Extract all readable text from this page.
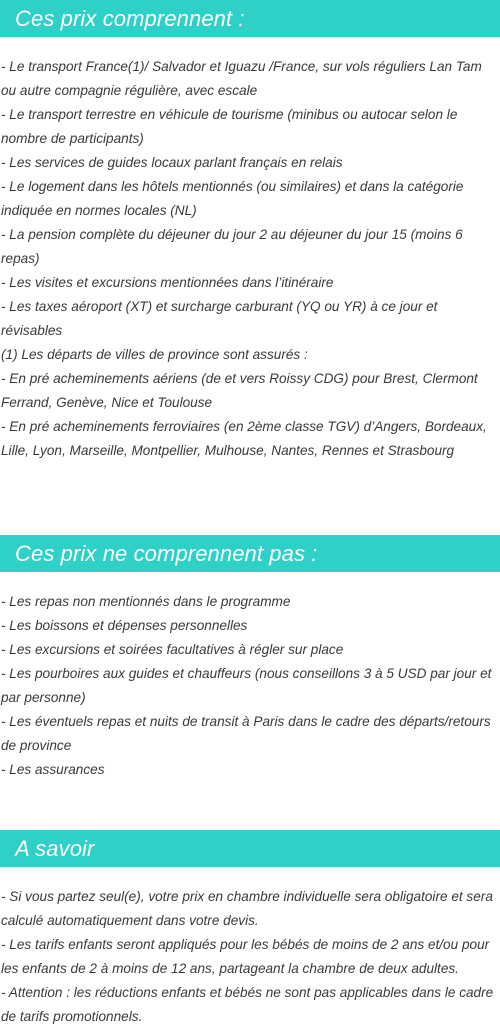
Ces prix comprennent :

- Le transport France(1)/ Salvador et Iguazu /France, sur vols réguliers Lan Tam ou autre compagnie régulière, avec escale

- Le transport terrestre en véhicule de tourisme (minibus ou autocar selon le nombre de participants)

- Les services de guides locaux parlant français en relais

- Le logement dans les hôtels mentionnés (ou similaires) et dans la catégorie indiquée en normes locales (NL)

- La pension complète du déjeuner du jour 2 au déjeuner du jour 15 (moins 6 repas)

- Les visites et excursions mentionnées dans l’itinéraire

- Les taxes aéroport (XT) et surcharge carburant (YQ ou YR) à ce jour et révisables

(1) Les départs de villes de province sont assurés :

- En pré acheminements aériens (de et vers Roissy CDG) pour Brest, Clermont Ferrand, Genève, Nice et Toulouse

- En pré acheminements ferroviaires (en 2ème classe TGV) d’Angers, Bordeaux, Lille, Lyon, Marseille, Montpellier, Mulhouse, Nantes, Rennes et Strasbourg

Ces prix ne comprennent pas :

- Les repas non mentionnés dans le programme

- Les boissons et dépenses personnelles

- Les excursions et soirées facultatives à régler sur place

- Les pourboires aux guides et chauffeurs (nous conseillons 3 à 5 USD par jour et par personne)

- Les éventuels repas et nuits de transit à Paris dans le cadre des départs/retours de province

- Les assurances

A savoir

- Si vous partez seul(e), votre prix en chambre individuelle sera obligatoire et sera calculé automatiquement dans votre devis.

- Les tarifs enfants seront appliqués pour les bébés de moins de 2 ans et/ou pour les enfants de 2 à moins de 12 ans, partageant la chambre de deux adultes.

- Attention : les réductions enfants et bébés ne sont pas applicables dans le cadre de tarifs promotionnels.
